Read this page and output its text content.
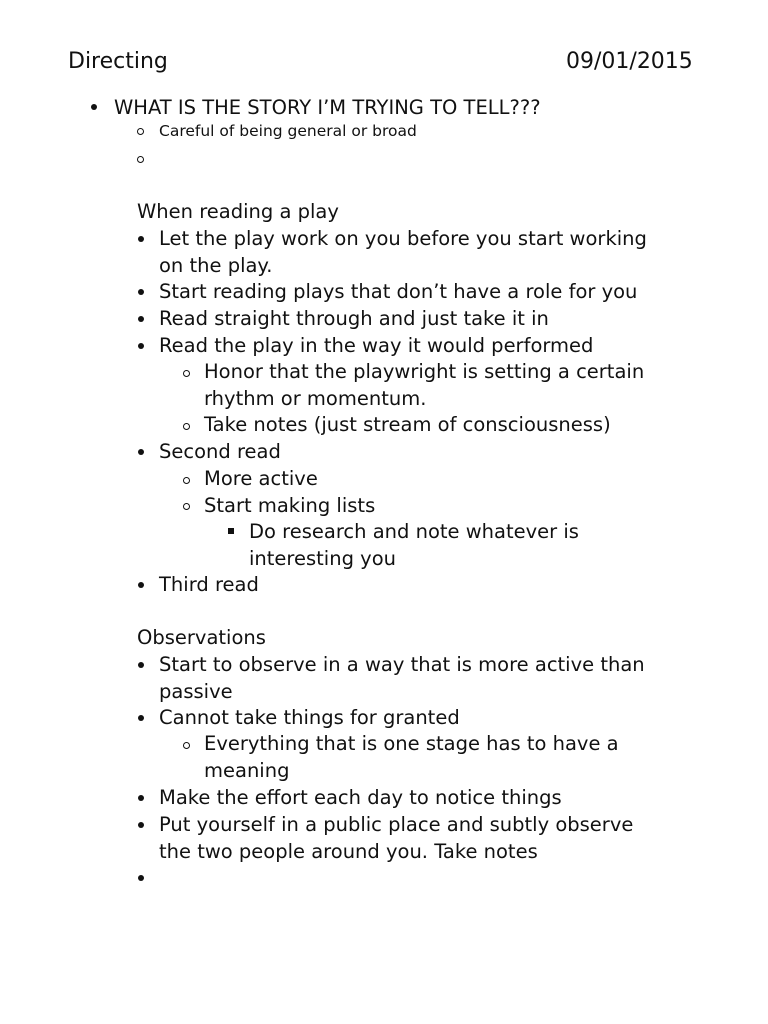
Directing	09/01/2015
WHAT IS THE STORY I’M TRYING TO TELL???
Careful of being general or broad
When reading a play
Let the play work on you before you start working
on the play.
Start reading plays that don’t have a role for you
Read straight through and just take it in
Read the play in the way it would performed
Honor that the playwright is setting a certain
rhythm or momentum.
Take notes (just stream of consciousness)
Second read
More active
Start making lists
Do research and note whatever is
interesting you
Third read
Observations
Start to observe in a way that is more active than
passive
Cannot take things for granted
Everything that is one stage has to have a
meaning
Make the effort each day to notice things
Put yourself in a public place and subtly observe
the two people around you. Take notes
